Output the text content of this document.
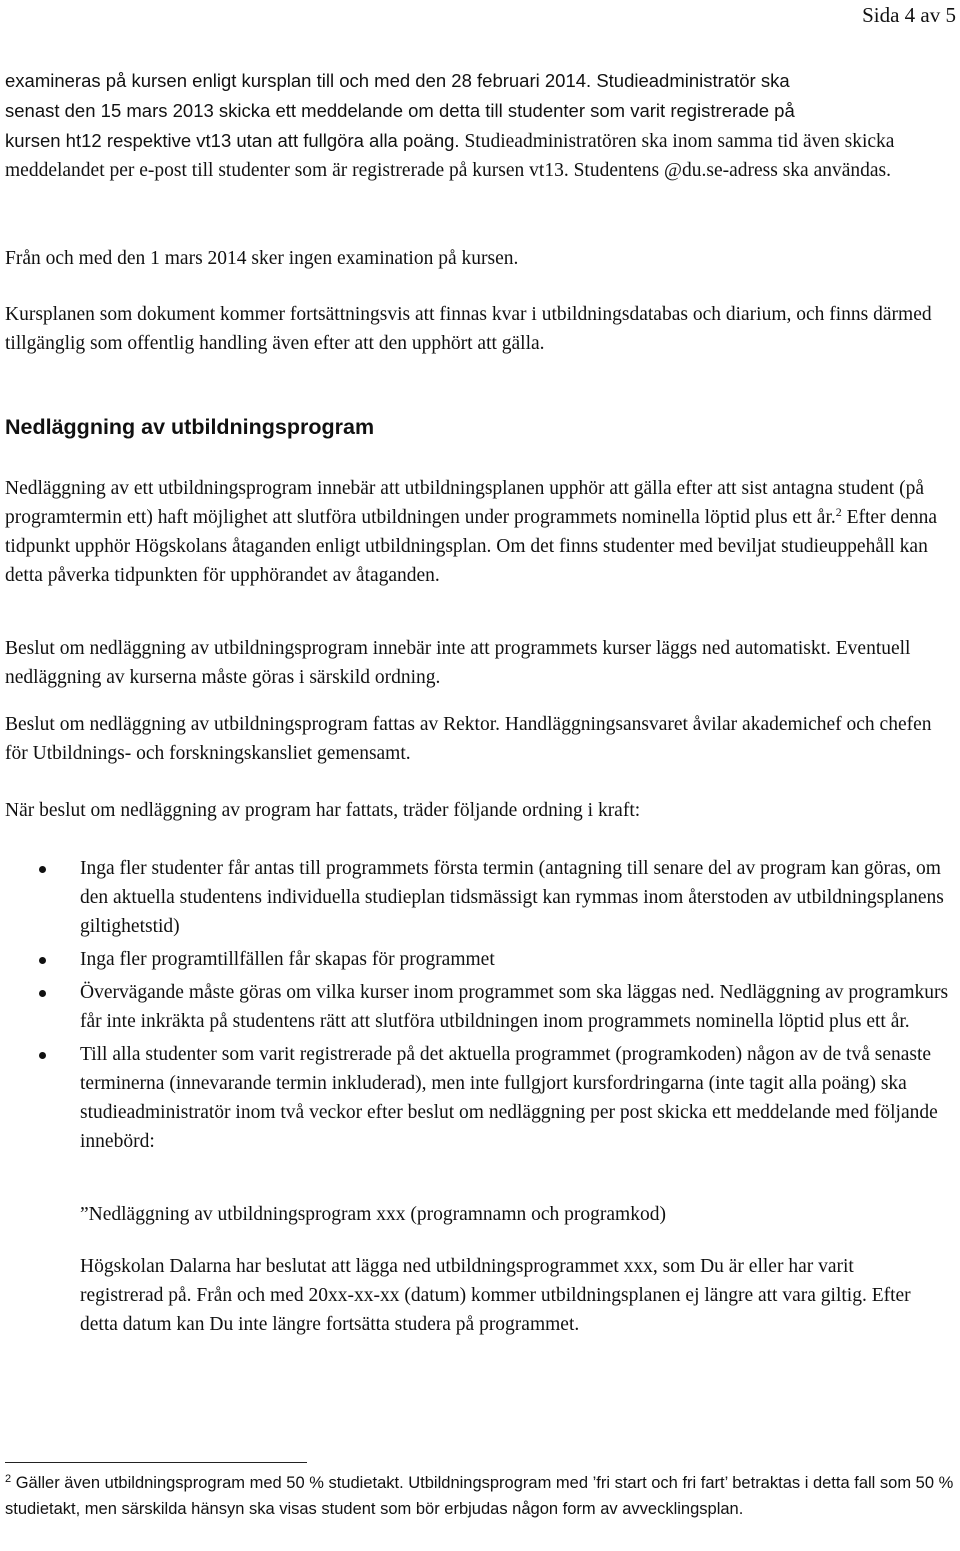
Sida 4 av 5

examineras på kursen enligt kursplan till och med den 28 februari 2014. Studieadministratör ska
senast den 15 mars 2013 skicka ett meddelande om detta till studenter som varit registrerade på
kursen ht12 respektive vt13 utan att fullgöra alla poäng. Studieadministratören ska inom samma tid även skicka meddelandet per e-post till studenter som är registrerade på kursen vt13. Studentens @du.se-adress ska användas.

Från och med den 1 mars 2014 sker ingen examination på kursen.

Kursplanen som dokument kommer fortsättningsvis att finnas kvar i utbildningsdatabas och diarium, och finns därmed tillgänglig som offentlig handling även efter att den upphört att gälla.

Nedläggning av utbildningsprogram

Nedläggning av ett utbildningsprogram innebär att utbildningsplanen upphör att gälla efter att sist antagna student (på programtermin ett) haft möjlighet att slutföra utbildningen under programmets nominella löptid plus ett år.$^2$ Efter denna tidpunkt upphör Högskolans åtaganden enligt utbildningsplan. Om det finns studenter med beviljat studieuppehåll kan detta påverka tidpunkten för upphörandet av åtaganden.

Beslut om nedläggning av utbildningsprogram innebär inte att programmets kurser läggs ned automatiskt. Eventuell nedläggning av kurserna måste göras i särskild ordning.

Beslut om nedläggning av utbildningsprogram fattas av Rektor. Handläggningsansvaret åvilar akademichef och chefen för Utbildnings- och forskningskansliet gemensamt.

När beslut om nedläggning av program har fattats, träder följande ordning i kraft:

Inga fler studenter får antas till programmets första termin (antagning till senare del av program kan göras, om den aktuella studentens individuella studieplan tidsmässigt kan rymmas inom återstoden av utbildningsplanens giltighetstid)
Inga fler programtillfällen får skapas för programmet
Övervägande måste göras om vilka kurser inom programmet som ska läggas ned. Nedläggning av programkurs får inte inkräkta på studentens rätt att slutföra utbildningen inom programmets nominella löptid plus ett år.
Till alla studenter som varit registrerade på det aktuella programmet (programkoden) någon av de två senaste terminerna (innevarande termin inkluderad), men inte fullgjort kursfordringarna (inte tagit alla poäng) ska studieadministratör inom två veckor efter beslut om nedläggning per post skicka ett meddelande med följande innebörd:

”Nedläggning av utbildningsprogram xxx (programnamn och programkod)

Högskolan Dalarna har beslutat att lägga ned utbildningsprogrammet xxx, som Du är eller har varit registrerad på. Från och med 20xx-xx-xx (datum) kommer utbildningsplanen ej längre att vara giltig. Efter detta datum kan Du inte längre fortsätta studera på programmet.

$^2$ Gäller även utbildningsprogram med 50 % studietakt. Utbildningsprogram med ’fri start och fri fart’ betraktas i detta fall som 50 % studietakt, men särskilda hänsyn ska visas student som bör erbjudas någon form av avvecklingsplan.
